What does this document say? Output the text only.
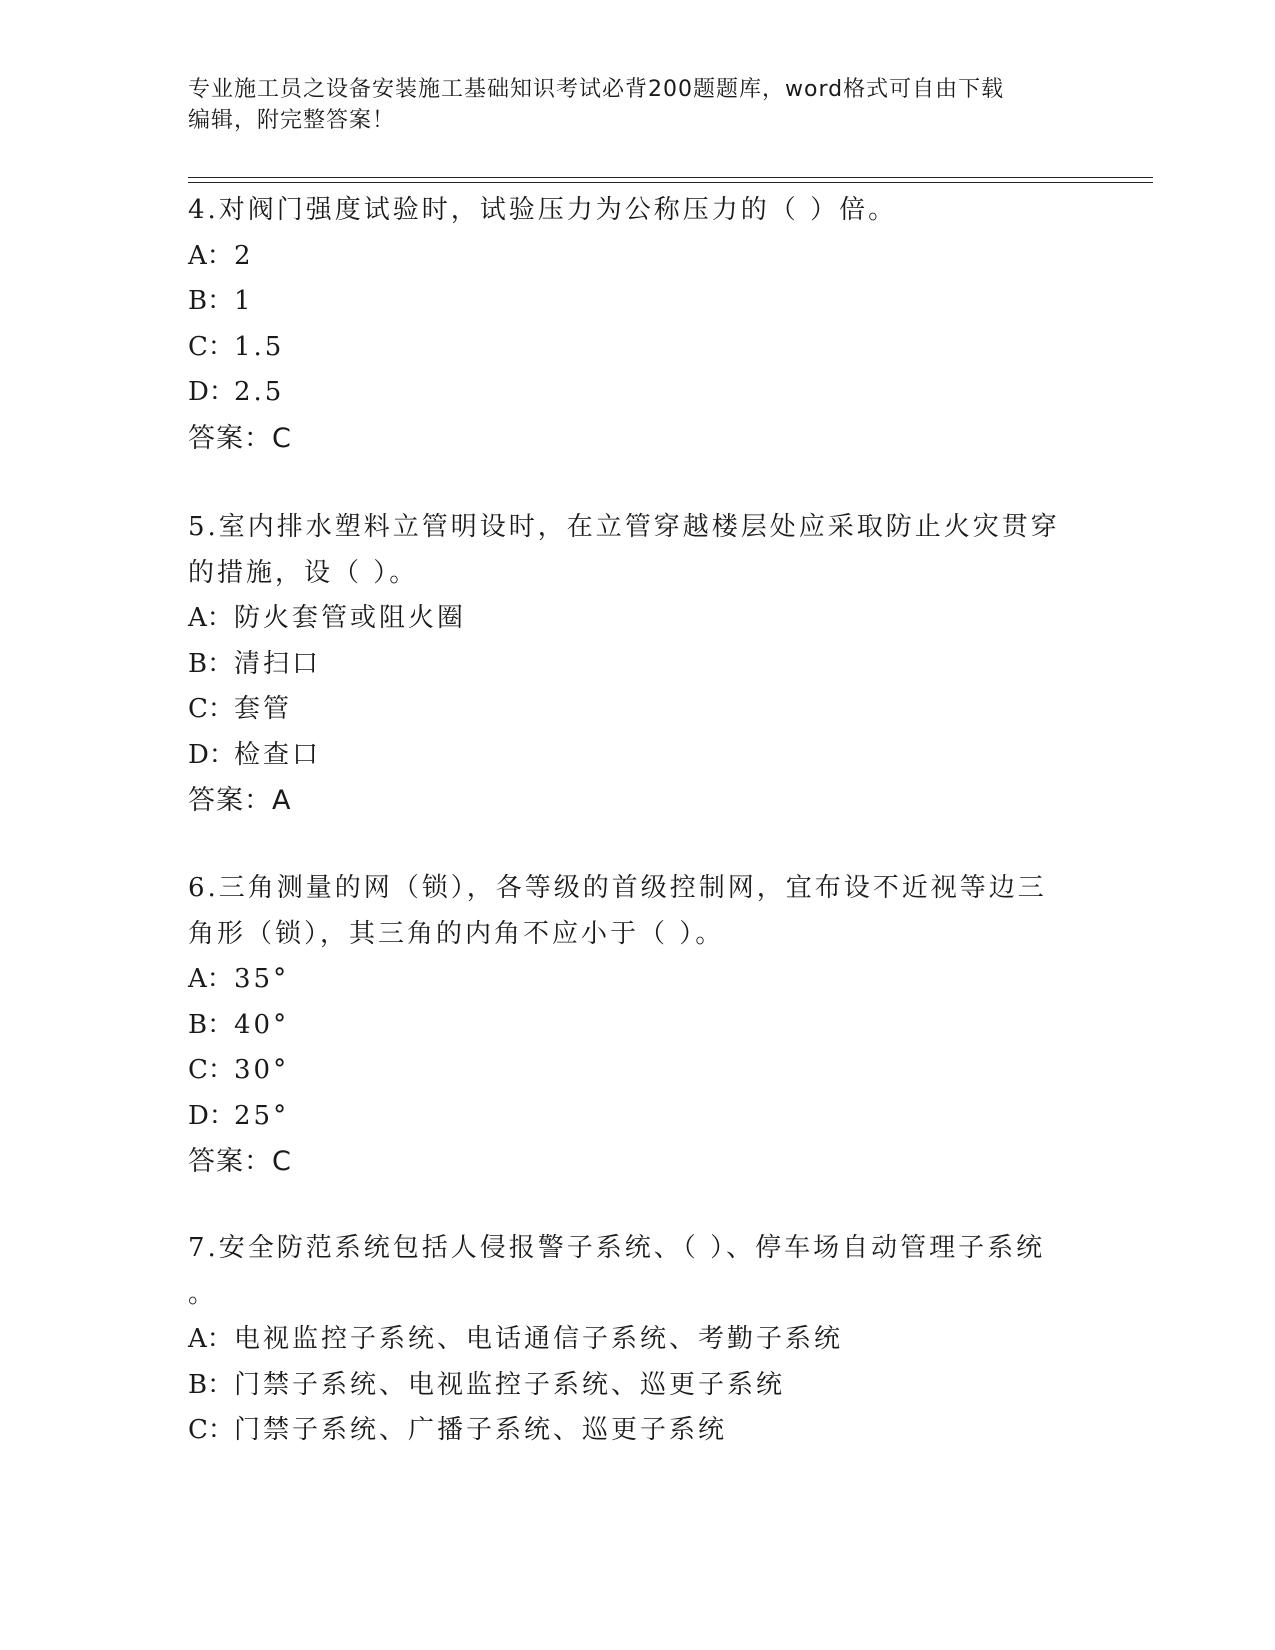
专业施工员之设备安装施工基础知识考试必背200题题库，word格式可自由下载
编辑，附完整答案！
4.对阀门强度试验时，试验压力为公称压力的（ ）倍。
A：2
B：1
C：1.5
D：2.5
答案：C
5.室内排水塑料立管明设时，在立管穿越楼层处应采取防止火灾贯穿
的措施，设（ ）。
A：防火套管或阻火圈
B：清扫口
C：套管
D：检查口
答案：A
6.三角测量的网（锁），各等级的首级控制网，宜布设不近视等边三
角形（锁），其三角的内角不应小于（ ）。
A：35°
B：40°
C：30°
D：25°
答案：C
7.安全防范系统包括人侵报警子系统、（ ）、停车场自动管理子系统
。
A：电视监控子系统、电话通信子系统、考勤子系统
B：门禁子系统、电视监控子系统、巡更子系统
C：门禁子系统、广播子系统、巡更子系统
